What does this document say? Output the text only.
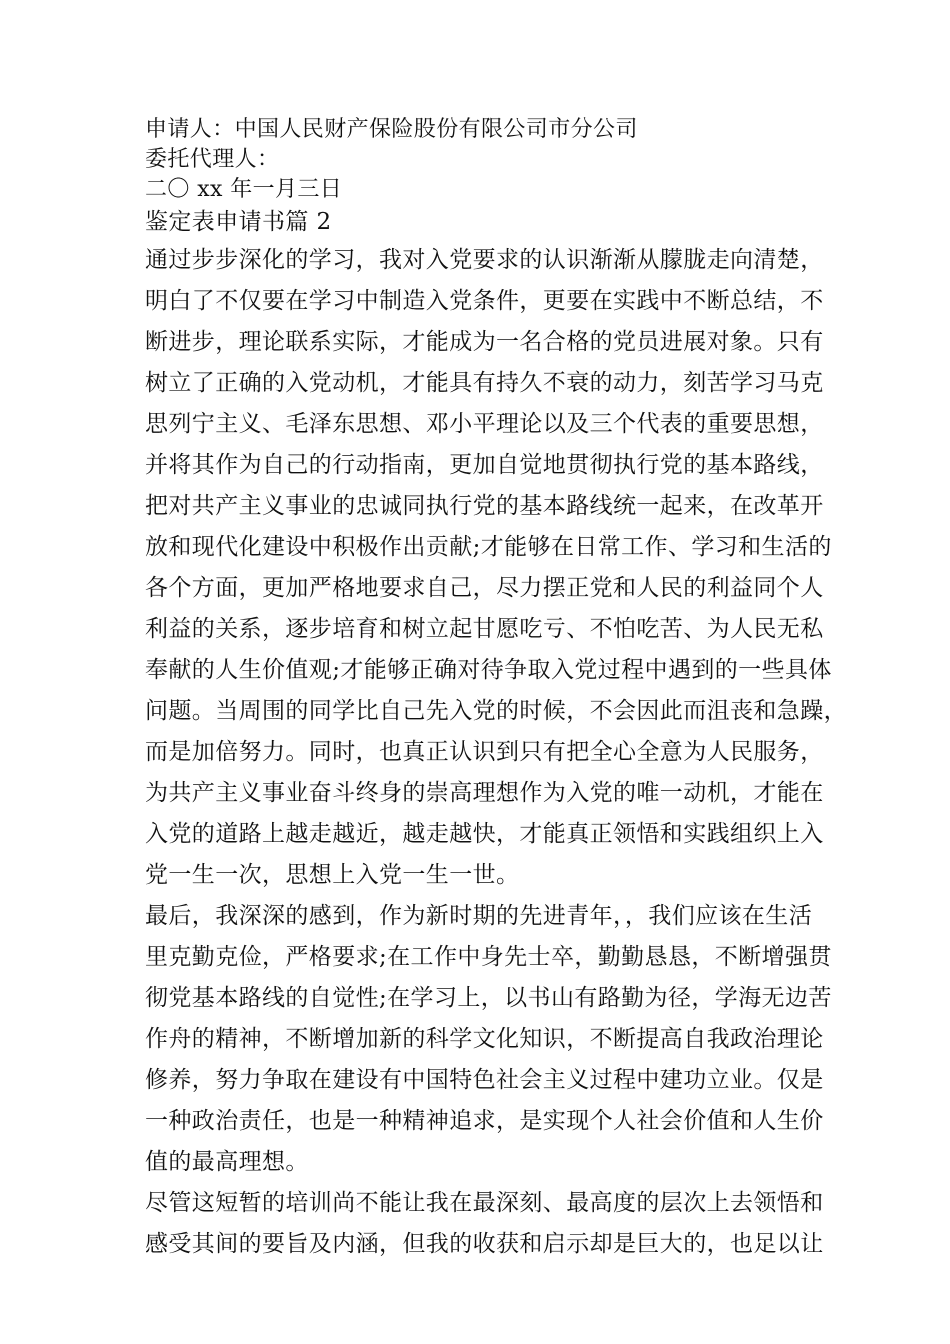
申请人：中国人民财产保险股份有限公司市分公司
委托代理人：
二〇 xx 年一月三日
鉴定表申请书篇 2
通过步步深化的学习，我对入党要求的认识渐渐从朦胧走向清楚，
明白了不仅要在学习中制造入党条件，更要在实践中不断总结，不
断进步，理论联系实际，才能成为一名合格的党员进展对象。只有
树立了正确的入党动机，才能具有持久不衰的动力，刻苦学习马克
思列宁主义、毛泽东思想、邓小平理论以及三个代表的重要思想，
并将其作为自己的行动指南，更加自觉地贯彻执行党的基本路线，
把对共产主义事业的忠诚同执行党的基本路线统一起来，在改革开
放和现代化建设中积极作出贡献;才能够在日常工作、学习和生活的
各个方面，更加严格地要求自己，尽力摆正党和人民的利益同个人
利益的关系，逐步培育和树立起甘愿吃亏、不怕吃苦、为人民无私
奉献的人生价值观;才能够正确对待争取入党过程中遇到的一些具体
问题。当周围的同学比自己先入党的时候，不会因此而沮丧和急躁，
而是加倍努力。同时，也真正认识到只有把全心全意为人民服务，
为共产主义事业奋斗终身的崇高理想作为入党的唯一动机，才能在
入党的道路上越走越近，越走越快，才能真正领悟和实践组织上入
党一生一次，思想上入党一生一世。
最后，我深深的感到，作为新时期的先进青年，，我们应该在生活
里克勤克俭，严格要求;在工作中身先士卒，勤勤恳恳，不断增强贯
彻党基本路线的自觉性;在学习上，以书山有路勤为径，学海无边苦
作舟的精神，不断增加新的科学文化知识，不断提高自我政治理论
修养，努力争取在建设有中国特色社会主义过程中建功立业。仅是
一种政治责任，也是一种精神追求，是实现个人社会价值和人生价
值的最高理想。
尽管这短暂的培训尚不能让我在最深刻、最高度的层次上去领悟和
感受其间的要旨及内涵，但我的收获和启示却是巨大的，也足以让
